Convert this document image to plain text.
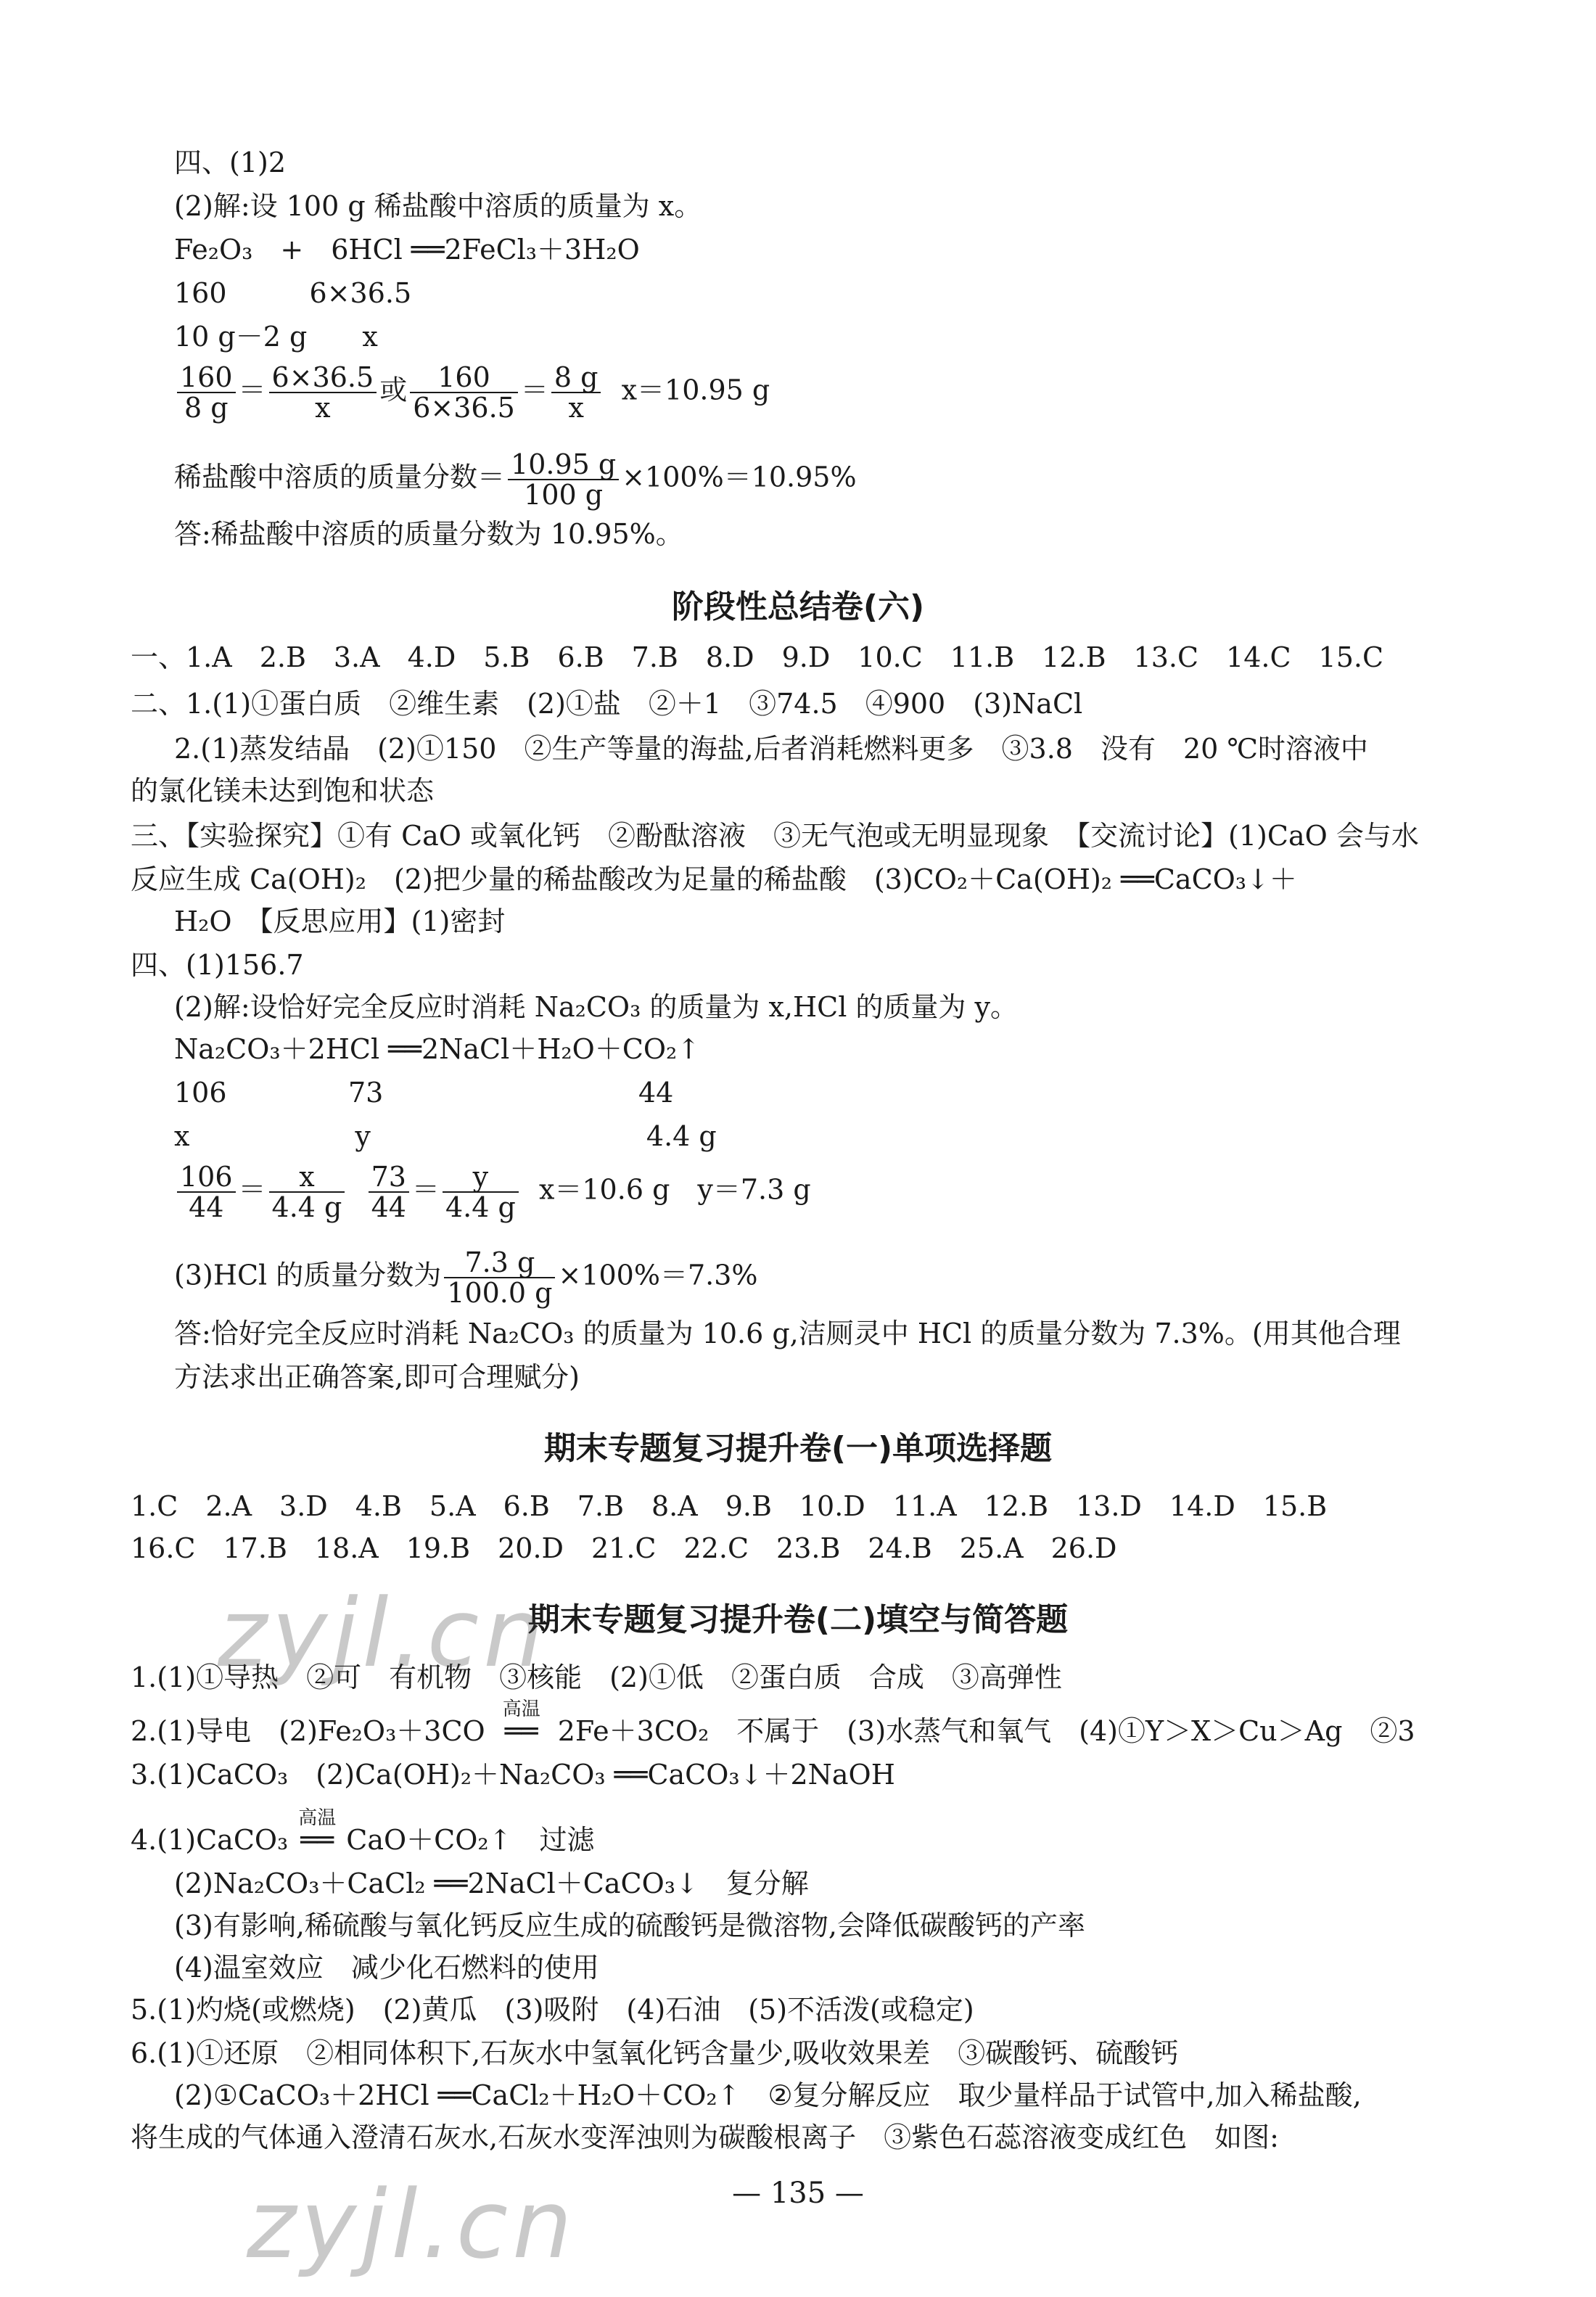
四、(1)2
(2)解:设 100 g 稀盐酸中溶质的质量为 x。
Fe₂O₃　+　6HCl ══2FeCl₃＋3H₂O
160　　　6×36.5
10 g－2 g　　x
$\frac{160}{8 g} = \frac{6\times 36.5}{x}$ 或 $\frac{160}{6\times 36.5} = \frac{8 g}{x} x=10.95$ g
稀盐酸中溶质的质量分数＝ $\frac{10.95 g}{100 g} \times 100\%=10.95\%$
答:稀盐酸中溶质的质量分数为 10.95%。
阶段性总结卷(六)
一、1.A　2.B　3.A　4.D　5.B　6.B　7.B　8.D　9.D　10.C　11.B　12.B　13.C　14.C　15.C
二、1.(1)①蛋白质　②维生素　(2)①盐　②＋1　③74.5　④900　(3)NaCl
2.(1)蒸发结晶　(2)①150　②生产等量的海盐,后者消耗燃料更多　③3.8　没有　20 ℃时溶液中
的氯化镁未达到饱和状态
三、【实验探究】①有 CaO 或氧化钙　②酚酞溶液　③无气泡或无明显现象　【交流讨论】(1)CaO 会与水
反应生成 Ca(OH)₂　(2)把少量的稀盐酸改为足量的稀盐酸　(3)CO₂＋Ca(OH)₂ ══CaCO₃↓＋
H₂O　【反思应用】(1)密封
四、(1)156.7
(2)解:设恰好完全反应时消耗 Na₂CO₃ 的质量为 x,HCl 的质量为 y。
Na₂CO₃＋2HCl ══2NaCl＋H₂O＋CO₂↑
106	73	44
x　　　　　　y　　　　　　　　　　4.4 g
$\frac{106}{44} = \frac{x}{4.4 g}$
$\frac{73}{44} = \frac{y}{4.4 g} x=10.6$ g　y＝7.3 g
(3)HCl 的质量分数为 $\frac{7.3 g}{100.0 g} \times 100\%=7.3\%$
答:恰好完全反应时消耗 Na₂CO₃ 的质量为 10.6 g,洁厕灵中 HCl 的质量分数为 7.3%。(用其他合理
方法求出正确答案,即可合理赋分)
期末专题复习提升卷(一)单项选择题
1.C　2.A　3.D　4.B　5.A　6.B　7.B　8.A　9.B　10.D　11.A　12.B　13.D　14.D　15.B
16.C　17.B　18.A　19.B　20.D　21.C　22.C　23.B　24.B　25.A　26.D
期末专题复习提升卷(二)填空与简答题
1.(1)①导热　②可　有机物　③核能　(2)①低　②蛋白质　合成　③高弹性
2.(1)导电　(2)Fe₂O₃＋3CO
高温
══ 2Fe＋3CO₂　不属于　(3)水蒸气和氧气　(4)①Y＞X＞Cu＞Ag　②3
3.(1)CaCO₃　(2)Ca(OH)₂＋Na₂CO₃ ══CaCO₃↓＋2NaOH
4.(1)CaCO₃
高温
══ CaO＋CO₂↑　过滤
(2)Na₂CO₃＋CaCl₂ ══2NaCl＋CaCO₃↓　复分解
(3)有影响,稀硫酸与氧化钙反应生成的硫酸钙是微溶物,会降低碳酸钙的产率
(4)温室效应　减少化石燃料的使用
5.(1)灼烧(或燃烧)　(2)黄瓜　(3)吸附　(4)石油　(5)不活泼(或稳定)
6.(1)①还原　②相同体积下,石灰水中氢氧化钙含量少,吸收效果差　③碳酸钙、硫酸钙
(2)①CaCO₃＋2HCl ══CaCl₂＋H₂O＋CO₂↑　②复分解反应　取少量样品于试管中,加入稀盐酸,
将生成的气体通入澄清石灰水,石灰水变浑浊则为碳酸根离子　③紫色石蕊溶液变成红色　如图:
— 135 —
zyjl.cn
zyjl.cn
